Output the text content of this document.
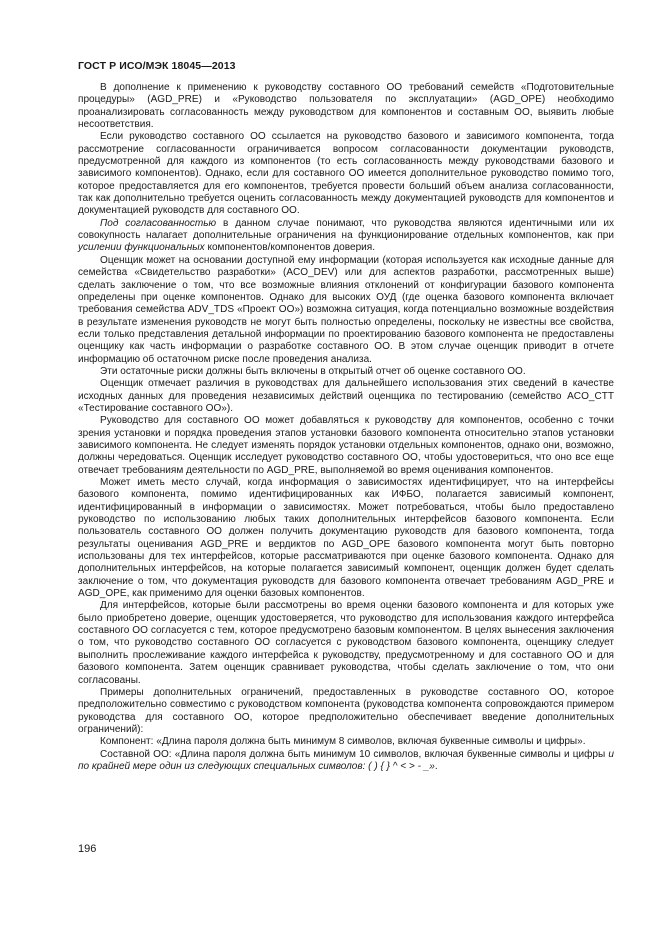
ГОСТ Р ИСО/МЭК 18045—2013

В дополнение к применению к руководству составного ОО требований семейств «Подготовительные процедуры» (AGD_PRE) и «Руководство пользователя по эксплуатации» (AGD_OPE) необходимо проанализировать согласованность между руководством для компонентов и составным ОО, выявить любые несоответствия.

Если руководство составного ОО ссылается на руководство базового и зависимого компонента, тогда рассмотрение согласованности ограничивается вопросом согласованности документации руководств, предусмотренной для каждого из компонентов (то есть согласованность между руководствами базового и зависимого компонентов). Однако, если для составного ОО имеется дополнительное руководство помимо того, которое предоставляется для его компонентов, требуется провести больший объем анализа согласованности, так как дополнительно требуется оценить согласованность между документацией руководств для компонентов и документацией руководств для составного ОО.

Под согласованностью в данном случае понимают, что руководства являются идентичными или их совокупность налагает дополнительные ограничения на функционирование отдельных компонентов, как при усилении функциональных компонентов/компонентов доверия.

Оценщик может на основании доступной ему информации (которая используется как исходные данные для семейства «Свидетельство разработки» (ACO_DEV) или для аспектов разработки, рассмотренных выше) сделать заключение о том, что все возможные влияния отклонений от конфигурации базового компонента определены при оценке компонентов. Однако для высоких ОУД (где оценка базового компонента включает требования семейства ADV_TDS «Проект ОО») возможна ситуация, когда потенциально возможные воздействия в результате изменения руководств не могут быть полностью определены, поскольку не известны все свойства, если только представления детальной информации по проектированию базового компонента не предоставлены оценщику как часть информации о разработке составного ОО. В этом случае оценщик приводит в отчете информацию об остаточном риске после проведения анализа.

Эти остаточные риски должны быть включены в открытый отчет об оценке составного ОО.

Оценщик отмечает различия в руководствах для дальнейшего использования этих сведений в качестве исходных данных для проведения независимых действий оценщика по тестированию (семейство ACO_CTT «Тестирование составного ОО»).

Руководство для составного ОО может добавляться к руководству для компонентов, особенно с точки зрения установки и порядка проведения этапов установки базового компонента относительно этапов установки зависимого компонента. Не следует изменять порядок установки отдельных компонентов, однако они, возможно, должны чередоваться. Оценщик исследует руководство составного ОО, чтобы удостовериться, что оно все еще отвечает требованиям деятельности по AGD_PRE, выполняемой во время оценивания компонентов.

Может иметь место случай, когда информация о зависимостях идентифицирует, что на интерфейсы базового компонента, помимо идентифицированных как ИФБО, полагается зависимый компонент, идентифицированный в информации о зависимостях. Может потребоваться, чтобы было предоставлено руководство по использованию любых таких дополнительных интерфейсов базового компонента. Если пользователь составного ОО должен получить документацию руководств для базового компонента, тогда результаты оценивания AGD_PRE и вердиктов по AGD_OPE базового компонента могут быть повторно использованы для тех интерфейсов, которые рассматриваются при оценке базового компонента. Однако для дополнительных интерфейсов, на которые полагается зависимый компонент, оценщик должен будет сделать заключение о том, что документация руководств для базового компонента отвечает требованиям AGD_PRE и AGD_OPE, как применимо для оценки базовых компонентов.

Для интерфейсов, которые были рассмотрены во время оценки базового компонента и для которых уже было приобретено доверие, оценщик удостоверяется, что руководство для использования каждого интерфейса составного ОО согласуется с тем, которое предусмотрено базовым компонентом. В целях вынесения заключения о том, что руководство составного ОО согласуется с руководством базового компонента, оценщику следует выполнить прослеживание каждого интерфейса к руководству, предусмотренному и для составного ОО и для базового компонента. Затем оценщик сравнивает руководства, чтобы сделать заключение о том, что они согласованы.

Примеры дополнительных ограничений, предоставленных в руководстве составного ОО, которое предположительно совместимо с руководством компонента (руководства компонента сопровождаются примером руководства для составного ОО, которое предположительно обеспечивает введение дополнительных ограничений):

Компонент: «Длина пароля должна быть минимум 8 символов, включая буквенные символы и цифры».

Составной ОО: «Длина пароля должна быть минимум 10 символов, включая буквенные символы и цифры и по крайней мере один из следующих специальных символов: ( ) { } ^ < > - _».

196
